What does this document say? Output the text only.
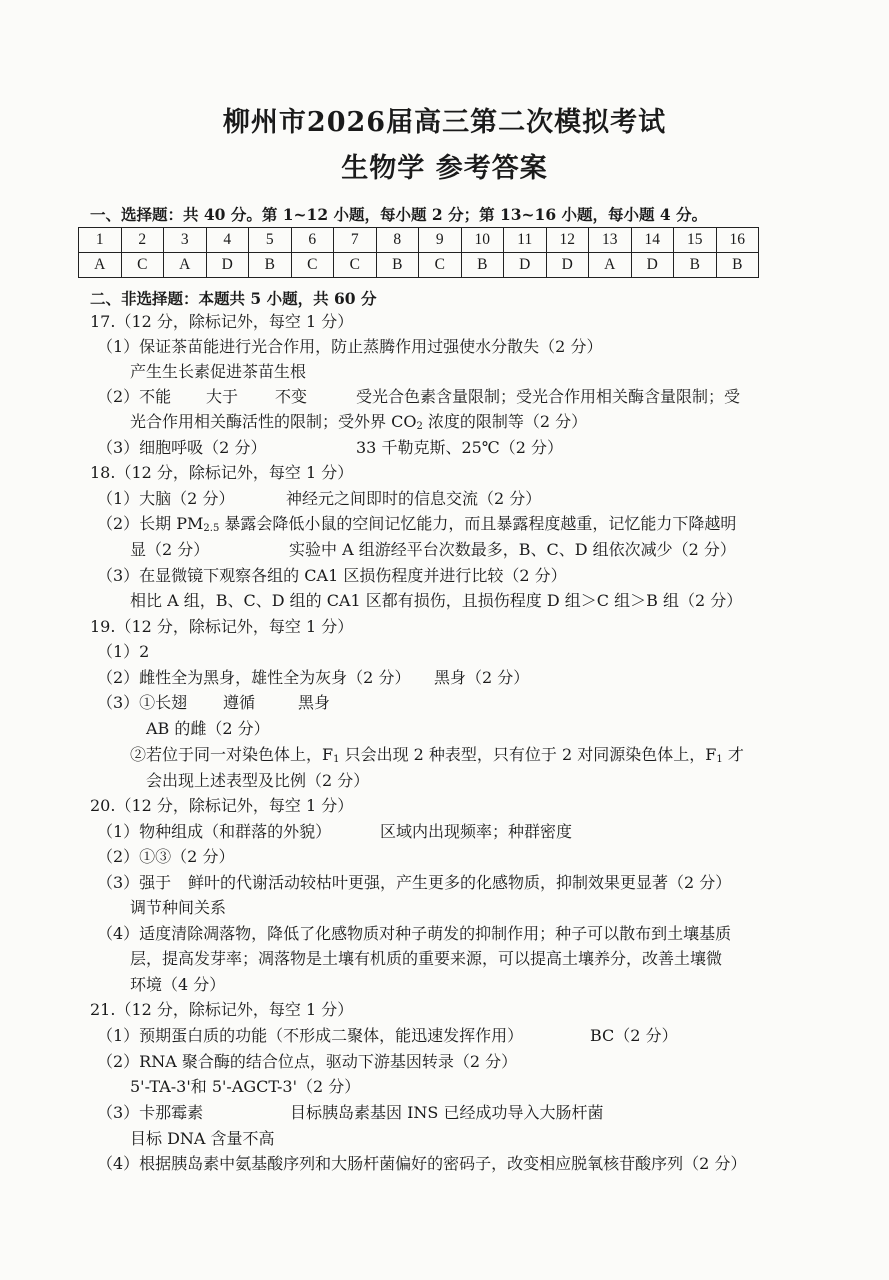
柳州市2026届高三第二次模拟考试
生物学 参考答案
一、选择题：共 40 分。第 1~12 小题，每小题 2 分；第 13~16 小题，每小题 4 分。
1	2	3	4	5	6	7	8	9	10	11	12	13	14	15	16
A	C	A	D	B	C	C	B	C	B	D	D	A	D	B	B
二、非选择题：本题共 5 小题，共 60 分
17.（12 分，除标记外，每空 1 分）
（1）保证茶苗能进行光合作用，防止蒸腾作用过强使水分散失（2 分）
产生生长素促进茶苗生根
（2）不能 大于 不变	受光合色素含量限制；受光合作用相关酶含量限制；受
光合作用相关酶活性的限制；受外界 $CO_2$ 浓度的限制等（2 分）
（3）细胞呼吸（2 分）	33 千勒克斯、25℃（2 分）
18.（12 分，除标记外，每空 1 分）
（1）大脑（2 分）	神经元之间即时的信息交流（2 分）
（2）长期 $PM_{2.5}$ 暴露会降低小鼠的空间记忆能力，而且暴露程度越重，记忆能力下降越明
显（2 分）	实验中 A 组游经平台次数最多，B、C、D 组依次减少（2 分）
（3）在显微镜下观察各组的 CA1 区损伤程度并进行比较（2 分）
相比 A 组，B、C、D 组的 CA1 区都有损伤，且损伤程度 D 组＞C 组＞B 组（2 分）
19.（12 分，除标记外，每空 1 分）
（1）2
（2）雌性全为黑身，雄性全为灰身（2 分） 黑身（2 分）
（3）①长翅 遵循	黑身
AB 的雌（2 分）
②若位于同一对染色体上，$F_1$ 只会出现 2 种表型，只有位于 2 对同源染色体上，$F_1$ 才
会出现上述表型及比例（2 分）
20.（12 分，除标记外，每空 1 分）
（1）物种组成（和群落的外貌）	区域内出现频率；种群密度
（2）①③（2 分）
（3）强于 鲜叶的代谢活动较枯叶更强，产生更多的化感物质，抑制效果更显著（2 分）
调节种间关系
（4）适度清除凋落物，降低了化感物质对种子萌发的抑制作用；种子可以散布到土壤基质
层，提高发芽率；凋落物是土壤有机质的重要来源，可以提高土壤养分，改善土壤微
环境（4 分）
21.（12 分，除标记外，每空 1 分）
（1）预期蛋白质的功能（不形成二聚体，能迅速发挥作用）	BC（2 分）
（2）RNA 聚合酶的结合位点，驱动下游基因转录（2 分）
5'-TA-3'和 5'-AGCT-3'（2 分）
（3）卡那霉素	目标胰岛素基因 INS 已经成功导入大肠杆菌
目标 DNA 含量不高
（4）根据胰岛素中氨基酸序列和大肠杆菌偏好的密码子，改变相应脱氧核苷酸序列（2 分）
